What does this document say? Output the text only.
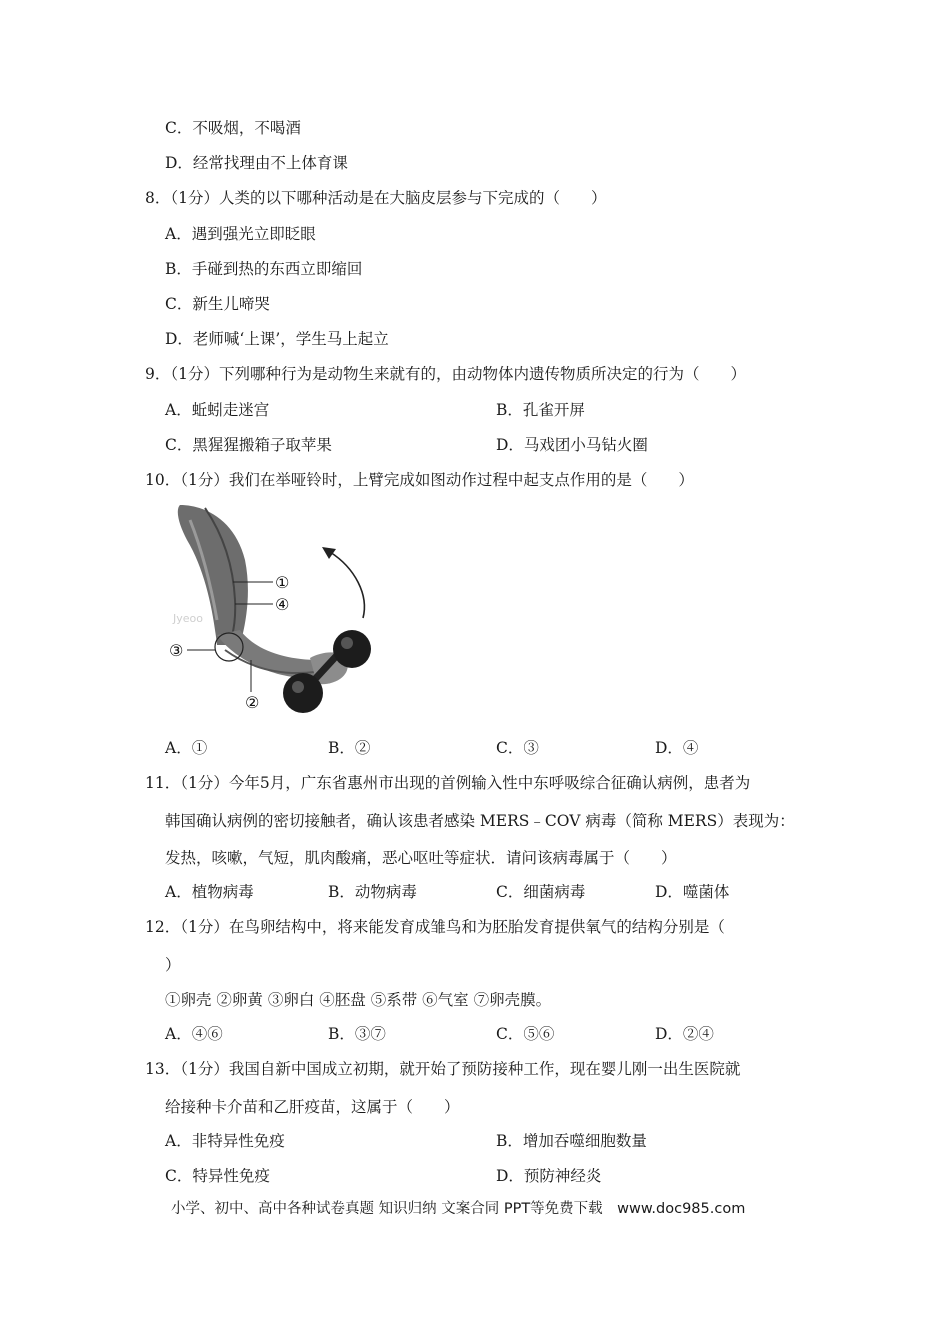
C．不吸烟，不喝酒
D．经常找理由不上体育课
8．（1分）人类的以下哪种活动是在大脑皮层参与下完成的（　　）
A．遇到强光立即眨眼
B．手碰到热的东西立即缩回
C．新生儿啼哭
D．老师喊‘上课’，学生马上起立
9．（1分）下列哪种行为是动物生来就有的，由动物体内遗传物质所决定的行为（　　）
A．蚯蚓走迷宫	B．孔雀开屏
C．黑猩猩搬箱子取苹果	D．马戏团小马钻火圈
10．（1分）我们在举哑铃时，上臂完成如图动作过程中起支点作用的是（　　）
①
④
③
②
Jyeoo
A．①	B．②	C．③	D．④
11．（1分）今年5月，广东省惠州市出现的首例输入性中东呼吸综合征确认病例，患者为
韩国确认病例的密切接触者，确认该患者感染 MERS﹣COV 病毒（简称 MERS）表现为：
发热，咳嗽，气短，肌肉酸痛，恶心呕吐等症状．请问该病毒属于（　　）
A．植物病毒	B．动物病毒	C．细菌病毒	D．噬菌体
12．（1分）在鸟卵结构中，将来能发育成雏鸟和为胚胎发育提供氧气的结构分别是（
）
①卵壳 ②卵黄 ③卵白 ④胚盘 ⑤系带 ⑥气室 ⑦卵壳膜。
A．④⑥	B．③⑦	C．⑤⑥	D．②④
13．（1分）我国自新中国成立初期，就开始了预防接种工作，现在婴儿刚一出生医院就
给接种卡介苗和乙肝疫苗，这属于（　　）
A．非特异性免疫	B．增加吞噬细胞数量
C．特异性免疫	D．预防神经炎
小学、初中、高中各种试卷真题 知识归纳 文案合同 PPT等免费下载　www.doc985.com
